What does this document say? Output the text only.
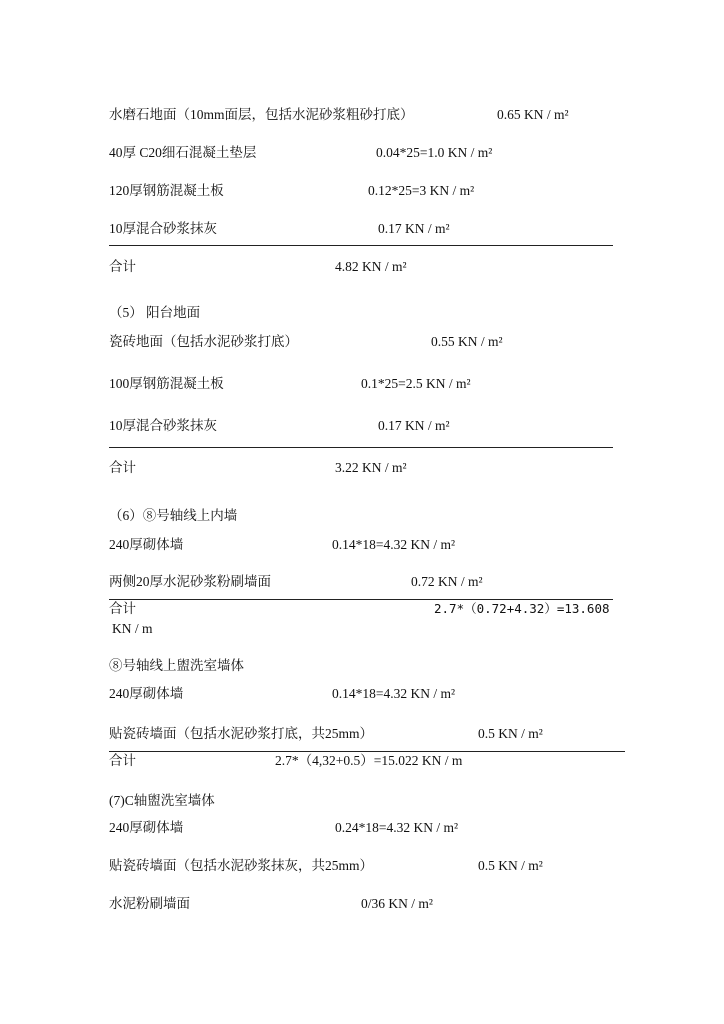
水磨石地面（10mm面层，包括水泥砂浆粗砂打底）	0.65 KN / m²
40厚 C20细石混凝土垫层	0.04*25=1.0 KN / m²
120厚钢筋混凝土板	0.12*25=3 KN / m²
10厚混合砂浆抹灰	0.17 KN / m²
合计	4.82 KN / m²
（5） 阳台地面
瓷砖地面（包括水泥砂浆打底）	0.55 KN / m²
100厚钢筋混凝土板	0.1*25=2.5 KN / m²
10厚混合砂浆抹灰	0.17 KN / m²
合计	3.22 KN / m²
（6）⑧号轴线上内墙
240厚砌体墙	0.14*18=4.32 KN / m²
两侧20厚水泥砂浆粉刷墙面	0.72 KN / m²
合计	2.7*（0.72+4.32）=13.608
KN / m
⑧号轴线上盥洗室墙体
240厚砌体墙	0.14*18=4.32 KN / m²
贴瓷砖墙面（包括水泥砂浆打底，共25mm）	0.5 KN / m²
合计	2.7*（4,32+0.5）=15.022 KN / m
(7)C轴盥洗室墙体
240厚砌体墙	0.24*18=4.32 KN / m²
贴瓷砖墙面（包括水泥砂浆抹灰，共25mm）	0.5 KN / m²
水泥粉刷墙面	0/36 KN / m²
